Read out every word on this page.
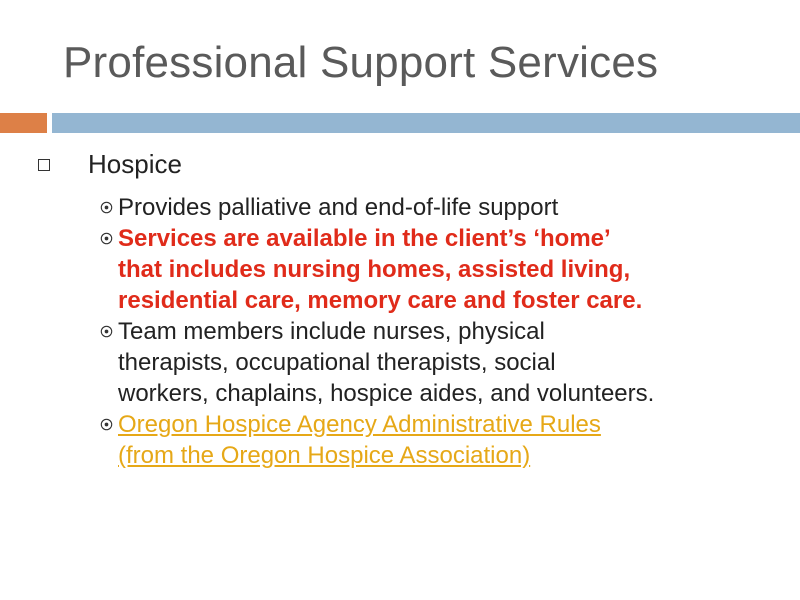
Professional Support Services
Hospice
Provides palliative and end-of-life support
Services are available in the client’s ‘home’
that includes nursing homes, assisted living,
residential care, memory care and foster care.
Team members include nurses, physical
therapists, occupational therapists, social
workers, chaplains, hospice aides, and volunteers.
Oregon Hospice Agency Administrative Rules
(from the Oregon Hospice Association)
